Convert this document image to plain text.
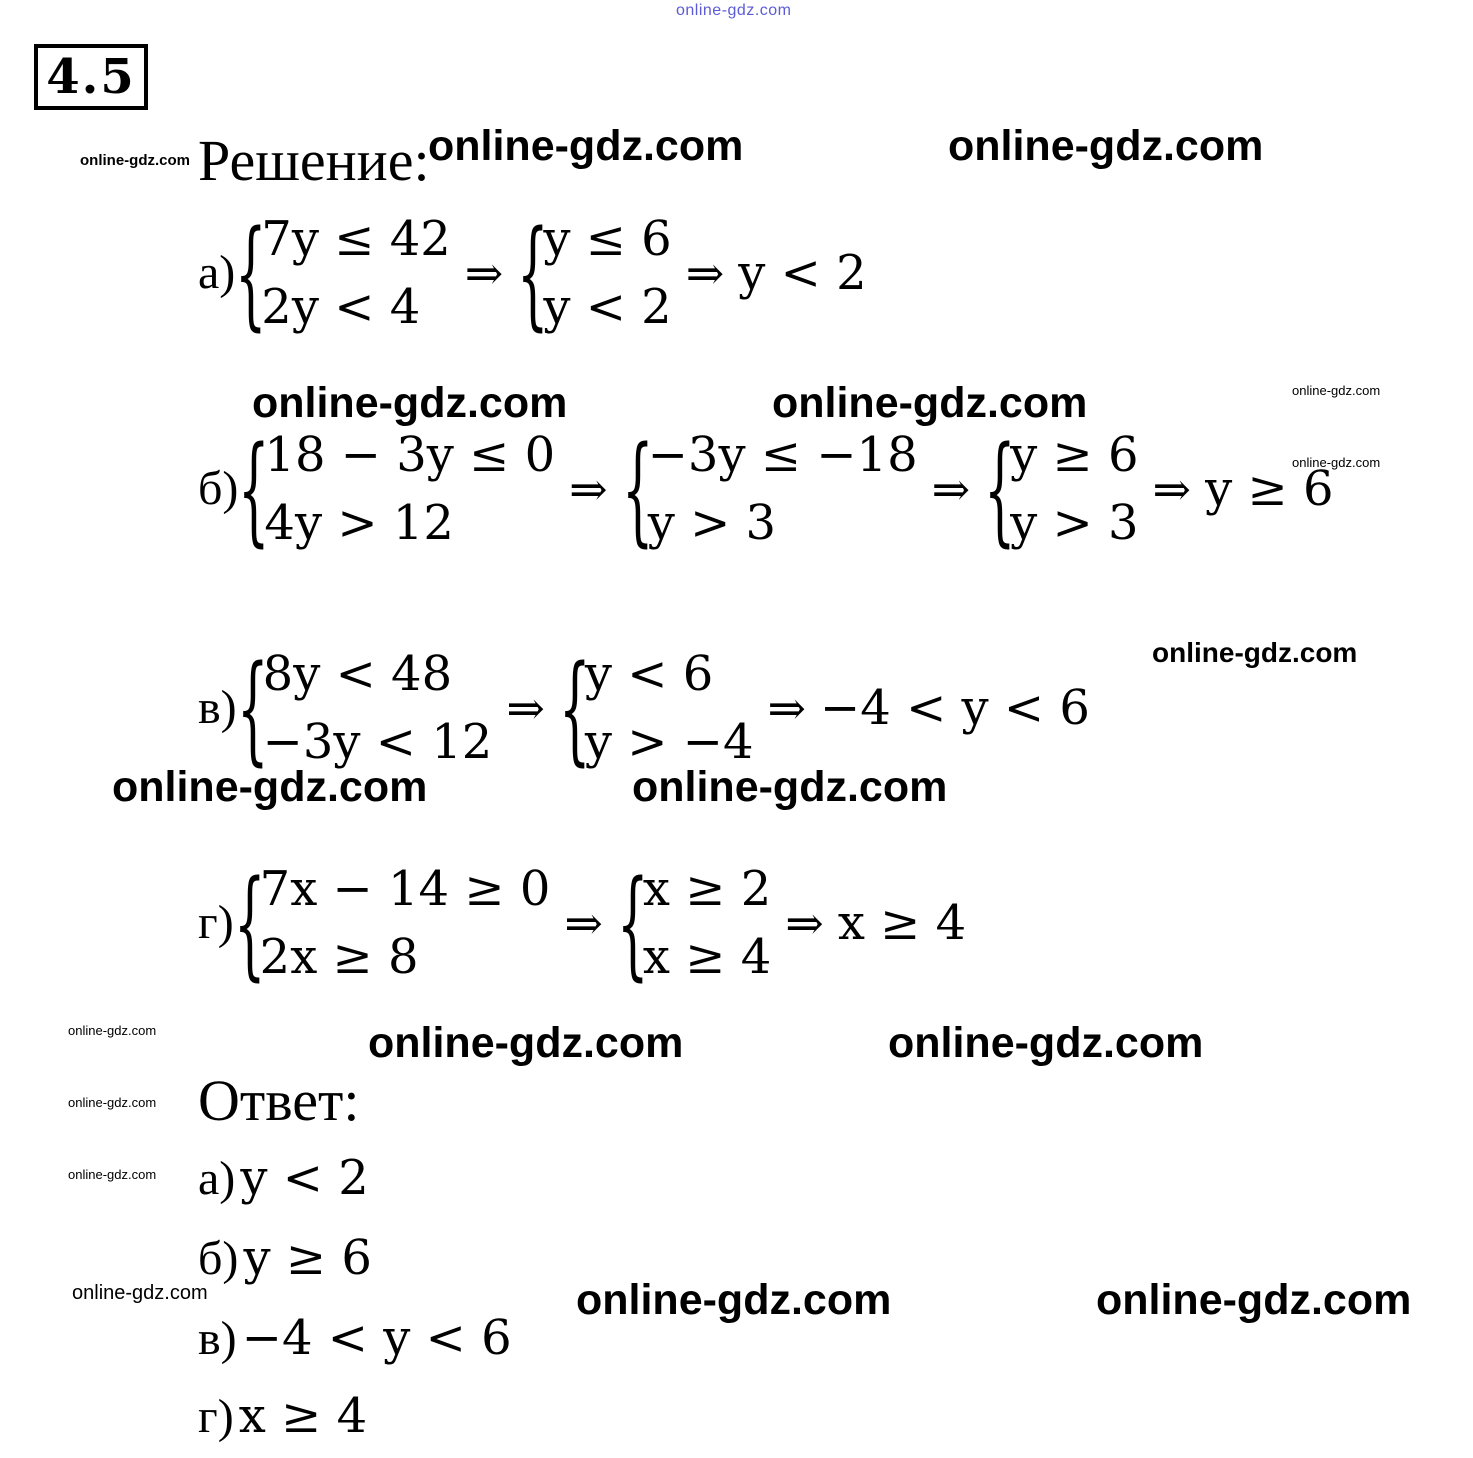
online-gdz.com
4.5
Решение:
а) {
7y ≤ 42
2y < 4
⇒ {
y ≤ 6
y < 2
⇒ y < 2
б) {
18 − 3y ≤ 0
4y > 12
⇒ {
−3y ≤ −18
y > 3
⇒ {
y ≥ 6
y > 3
⇒ y ≥ 6
в) {
8y < 48
−3y < 12
⇒ {
y < 6
y > −4
⇒ −4 < y < 6
г) {
7x − 14 ≥ 0
2x ≥ 8
⇒ {
x ≥ 2
x ≥ 4
⇒ x ≥ 4
Ответ:
а) y < 2
б) y ≥ 6
в) −4 < y < 6
г) x ≥ 4
online-gdz.com	online-gdz.com
online-gdz.com
online-gdz.com	online-gdz.com	online-gdz.com
online-gdz.com
online-gdz.com
online-gdz.com	online-gdz.com
online-gdz.com	online-gdz.com	online-gdz.com
online-gdz.com
online-gdz.com
online-gdz.com	online-gdz.com	online-gdz.com
